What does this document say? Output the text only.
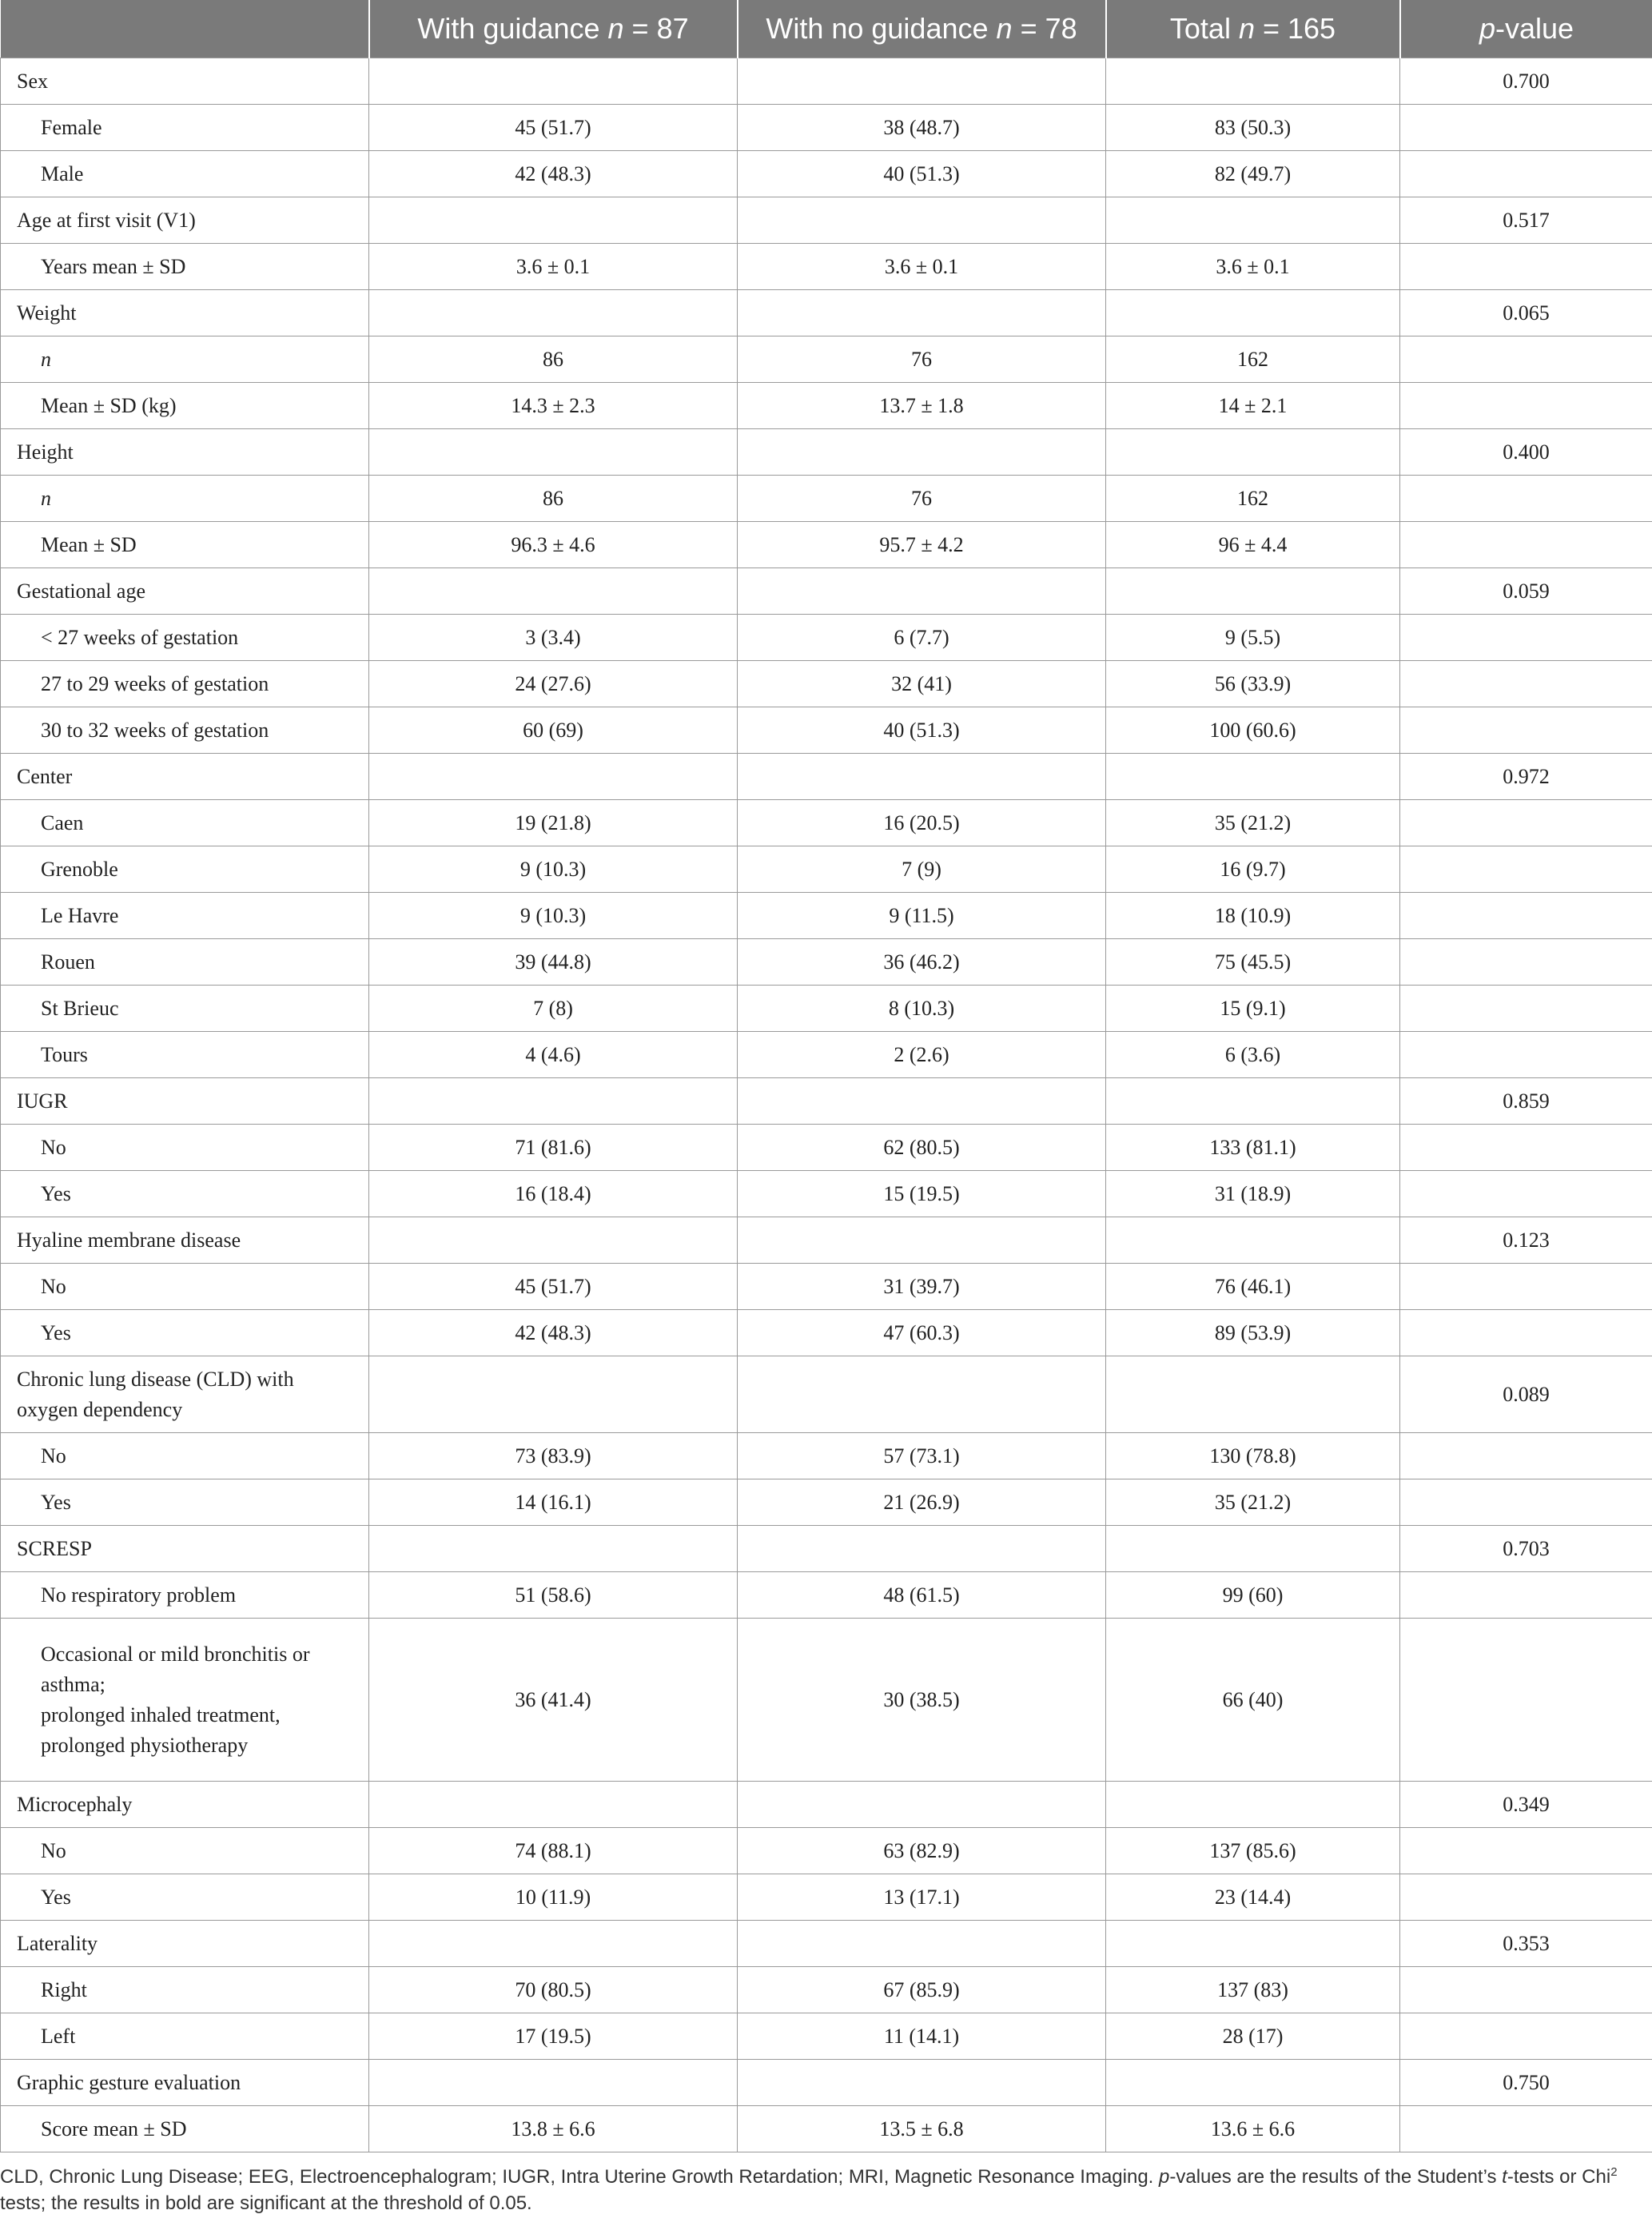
	With guidance n = 87	With no guidance n = 78	Total n = 165	p-value
Sex				0.700
Female	45 (51.7)	38 (48.7)	83 (50.3)	
Male	42 (48.3)	40 (51.3)	82 (49.7)	
Age at first visit (V1)				0.517
Years mean ± SD	3.6 ± 0.1	3.6 ± 0.1	3.6 ± 0.1	
Weight				0.065
n	86	76	162	
Mean ± SD (kg)	14.3 ± 2.3	13.7 ± 1.8	14 ± 2.1	
Height				0.400
n	86	76	162	
Mean ± SD	96.3 ± 4.6	95.7 ± 4.2	96 ± 4.4	
Gestational age				0.059
< 27 weeks of gestation	3 (3.4)	6 (7.7)	9 (5.5)	
27 to 29 weeks of gestation	24 (27.6)	32 (41)	56 (33.9)	
30 to 32 weeks of gestation	60 (69)	40 (51.3)	100 (60.6)	
Center				0.972
Caen	19 (21.8)	16 (20.5)	35 (21.2)	
Grenoble	9 (10.3)	7 (9)	16 (9.7)	
Le Havre	9 (10.3)	9 (11.5)	18 (10.9)	
Rouen	39 (44.8)	36 (46.2)	75 (45.5)	
St Brieuc	7 (8)	8 (10.3)	15 (9.1)	
Tours	4 (4.6)	2 (2.6)	6 (3.6)	
IUGR				0.859
No	71 (81.6)	62 (80.5)	133 (81.1)	
Yes	16 (18.4)	15 (19.5)	31 (18.9)	
Hyaline membrane disease				0.123
No	45 (51.7)	31 (39.7)	76 (46.1)	
Yes	42 (48.3)	47 (60.3)	89 (53.9)	
Chronic lung disease (CLD) with
oxygen dependency				0.089
No	73 (83.9)	57 (73.1)	130 (78.8)	
Yes	14 (16.1)	21 (26.9)	35 (21.2)	
SCRESP				0.703
No respiratory problem	51 (58.6)	48 (61.5)	99 (60)	
Occasional or mild bronchitis or
asthma;
prolonged inhaled treatment,
prolonged physiotherapy	36 (41.4)	30 (38.5)	66 (40)	
Microcephaly				0.349
No	74 (88.1)	63 (82.9)	137 (85.6)	
Yes	10 (11.9)	13 (17.1)	23 (14.4)	
Laterality				0.353
Right	70 (80.5)	67 (85.9)	137 (83)	
Left	17 (19.5)	11 (14.1)	28 (17)	
Graphic gesture evaluation				0.750
Score mean ± SD	13.8 ± 6.6	13.5 ± 6.8	13.6 ± 6.6	
CLD, Chronic Lung Disease; EEG, Electroencephalogram; IUGR, Intra Uterine Growth Retardation; MRI, Magnetic Resonance Imaging. p-values are the results of the Student’s t-tests or Chi$^2$ tests; the results in bold are significant at the threshold of 0.05.
